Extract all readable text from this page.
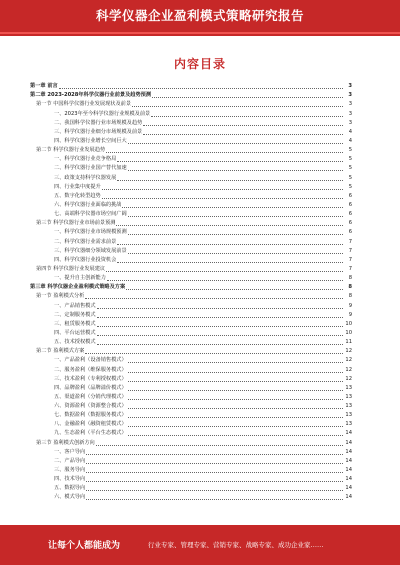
科学仪器企业盈利模式策略研究报告
内容目录
第一章 前言	3
第二章 2023-2028年科学仪器行业前景及趋势预测	3
第一节 中国科学仪器行业发展现状及前景	3
一、2023年至今科学仪器行业规模及前景	3
二、我国科学仪器行业市场规模及趋势	3
三、科学仪器行业细分市场规模及前景	4
四、科学仪器行业增长空间巨大	4
第二节 科学仪器行业发展趋势	5
一、科学仪器行业竞争格局	5
二、科学仪器行业国产替代加速	5
三、政策支持科学仪器发展	5
四、行业集中度提升	5
五、数字化转型趋势	6
六、科学仪器行业面临的挑战	6
七、高端科学仪器市场空间广阔	6
第三节 科学仪器行业市场前景预测	6
一、科学仪器行业市场规模预测	6
二、科学仪器行业需求前景	7
三、科学仪器细分领域发展前景	7
四、科学仪器行业投资机会	7
第四节 科学仪器行业发展建议	7
一、提升自主创新能力	8
第三章 科学仪器企业盈利模式策略及方案	8
第一节 盈利模式分析	8
一、产品销售模式	9
二、定制服务模式	9
三、租赁服务模式	10
四、平台运营模式	10
五、技术授权模式	11
第二节 盈利模式方案	12
一、产品盈利（设备销售模式）	12
二、服务盈利（维保服务模式）	12
三、技术盈利（专利授权模式）	12
四、品牌盈利（品牌溢价模式）	13
五、渠道盈利（分销代理模式）	13
六、资源盈利（资源整合模式）	13
七、数据盈利（数据服务模式）	13
八、金融盈利（融资租赁模式）	13
九、生态盈利（平台生态模式）	14
第三节 盈利模式创新方向	14
一、客户导向	14
二、产品导向	14
三、服务导向	14
四、技术导向	14
五、数据导向	14
六、模式导向	14
让每个人都能成为	行业专家、管理专家、营销专家、战略专家、成功企业家……
